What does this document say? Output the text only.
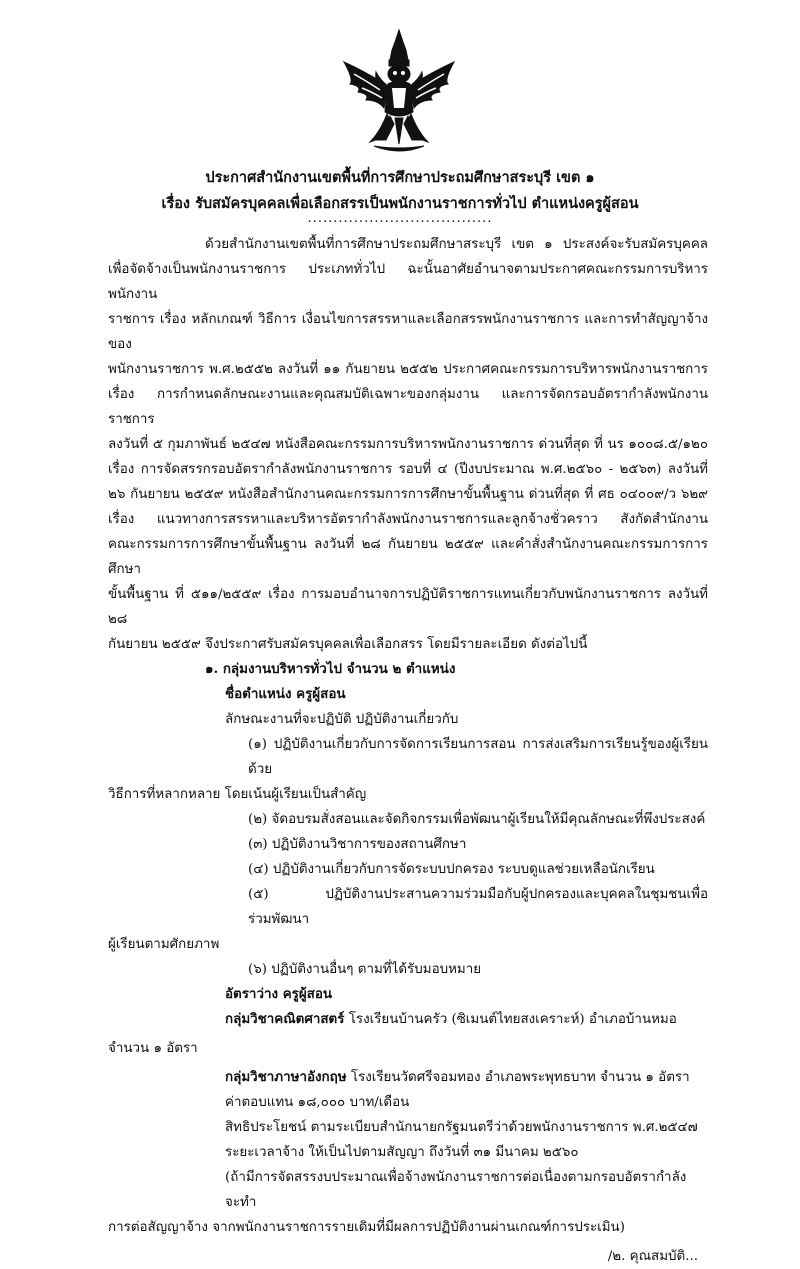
ประกาศสำนักงานเขตพื้นที่การศึกษาประถมศึกษาสระบุรี เขต ๑
เรื่อง รับสมัครบุคคลเพื่อเลือกสรรเป็นพนักงานราชการทั่วไป ตำแหน่งครูผู้สอน
....................................

ด้วยสำนักงานเขตพื้นที่การศึกษาประถมศึกษาสระบุรี เขต ๑ ประสงค์จะรับสมัครบุคคล

เพื่อจัดจ้างเป็นพนักงานราชการ ประเภททั่วไป ฉะนั้นอาศัยอำนาจตามประกาศคณะกรรมการบริหารพนักงาน

ราชการ เรื่อง หลักเกณฑ์ วิธีการ เงื่อนไขการสรรหาและเลือกสรรพนักงานราชการ และการทำสัญญาจ้างของ

พนักงานราชการ พ.ศ.๒๕๕๒ ลงวันที่ ๑๑ กันยายน ๒๕๕๒ ประกาศคณะกรรมการบริหารพนักงานราชการ

เรื่อง การกำหนดลักษณะงานและคุณสมบัติเฉพาะของกลุ่มงาน และการจัดกรอบอัตรากำลังพนักงานราชการ

ลงวันที่ ๕ กุมภาพันธ์ ๒๕๔๗ หนังสือคณะกรรมการบริหารพนักงานราชการ ด่วนที่สุด ที่ นร ๑๐๐๘.๕/๑๒๐

เรื่อง การจัดสรรกรอบอัตรากำลังพนักงานราชการ รอบที่ ๔ (ปีงบประมาณ พ.ศ.๒๕๖๐ - ๒๕๖๓) ลงวันที่

๒๖ กันยายน ๒๕๕๙ หนังสือสำนักงานคณะกรรมการการศึกษาขั้นพื้นฐาน ด่วนที่สุด ที่ ศธ ๐๔๐๐๙/ว ๖๒๙

เรื่อง แนวทางการสรรหาและบริหารอัตรากำลังพนักงานราชการและลูกจ้างชั่วคราว สังกัดสำนักงาน

คณะกรรมการการศึกษาขั้นพื้นฐาน ลงวันที่ ๒๘ กันยายน ๒๕๕๙ และคำสั่งสำนักงานคณะกรรมการการศึกษา

ขั้นพื้นฐาน ที่ ๕๑๑/๒๕๕๙ เรื่อง การมอบอำนาจการปฏิบัติราชการแทนเกี่ยวกับพนักงานราชการ ลงวันที่ ๒๘

กันยายน ๒๕๕๙ จึงประกาศรับสมัครบุคคลเพื่อเลือกสรร โดยมีรายละเอียด ดังต่อไปนี้

๑. กลุ่มงานบริหารทั่วไป จำนวน ๒ ตำแหน่ง

ชื่อตำแหน่ง ครูผู้สอน

ลักษณะงานที่จะปฏิบัติ ปฏิบัติงานเกี่ยวกับ

(๑) ปฏิบัติงานเกี่ยวกับการจัดการเรียนการสอน การส่งเสริมการเรียนรู้ของผู้เรียนด้วย

วิธีการที่หลากหลาย โดยเน้นผู้เรียนเป็นสำคัญ

(๒) จัดอบรมสั่งสอนและจัดกิจกรรมเพื่อพัฒนาผู้เรียนให้มีคุณลักษณะที่พึงประสงค์

(๓) ปฏิบัติงานวิชาการของสถานศึกษา

(๔) ปฏิบัติงานเกี่ยวกับการจัดระบบปกครอง ระบบดูแลช่วยเหลือนักเรียน

(๕) ปฏิบัติงานประสานความร่วมมือกับผู้ปกครองและบุคคลในชุมชนเพื่อร่วมพัฒนา

ผู้เรียนตามศักยภาพ

(๖) ปฏิบัติงานอื่นๆ ตามที่ได้รับมอบหมาย

อัตราว่าง ครูผู้สอน

กลุ่มวิชาคณิตศาสตร์ โรงเรียนบ้านครัว (ซิเมนต์ไทยสงเคราะห์) อำเภอบ้านหมอ

จำนวน ๑ อัตรา

กลุ่มวิชาภาษาอังกฤษ โรงเรียนวัดศรีจอมทอง อำเภอพระพุทธบาท จำนวน ๑ อัตรา

ค่าตอบแทน ๑๘,๐๐๐ บาท/เดือน

สิทธิประโยชน์ ตามระเบียบสำนักนายกรัฐมนตรีว่าด้วยพนักงานราชการ พ.ศ.๒๕๔๗

ระยะเวลาจ้าง ให้เป็นไปตามสัญญา ถึงวันที่ ๓๑ มีนาคม ๒๕๖๐

(ถ้ามีการจัดสรรงบประมาณเพื่อจ้างพนักงานราชการต่อเนื่องตามกรอบอัตรากำลัง จะทำ

การต่อสัญญาจ้าง จากพนักงานราชการรายเดิมที่มีผลการปฏิบัติงานผ่านเกณฑ์การประเมิน)

/๒. คุณสมบัติ...
